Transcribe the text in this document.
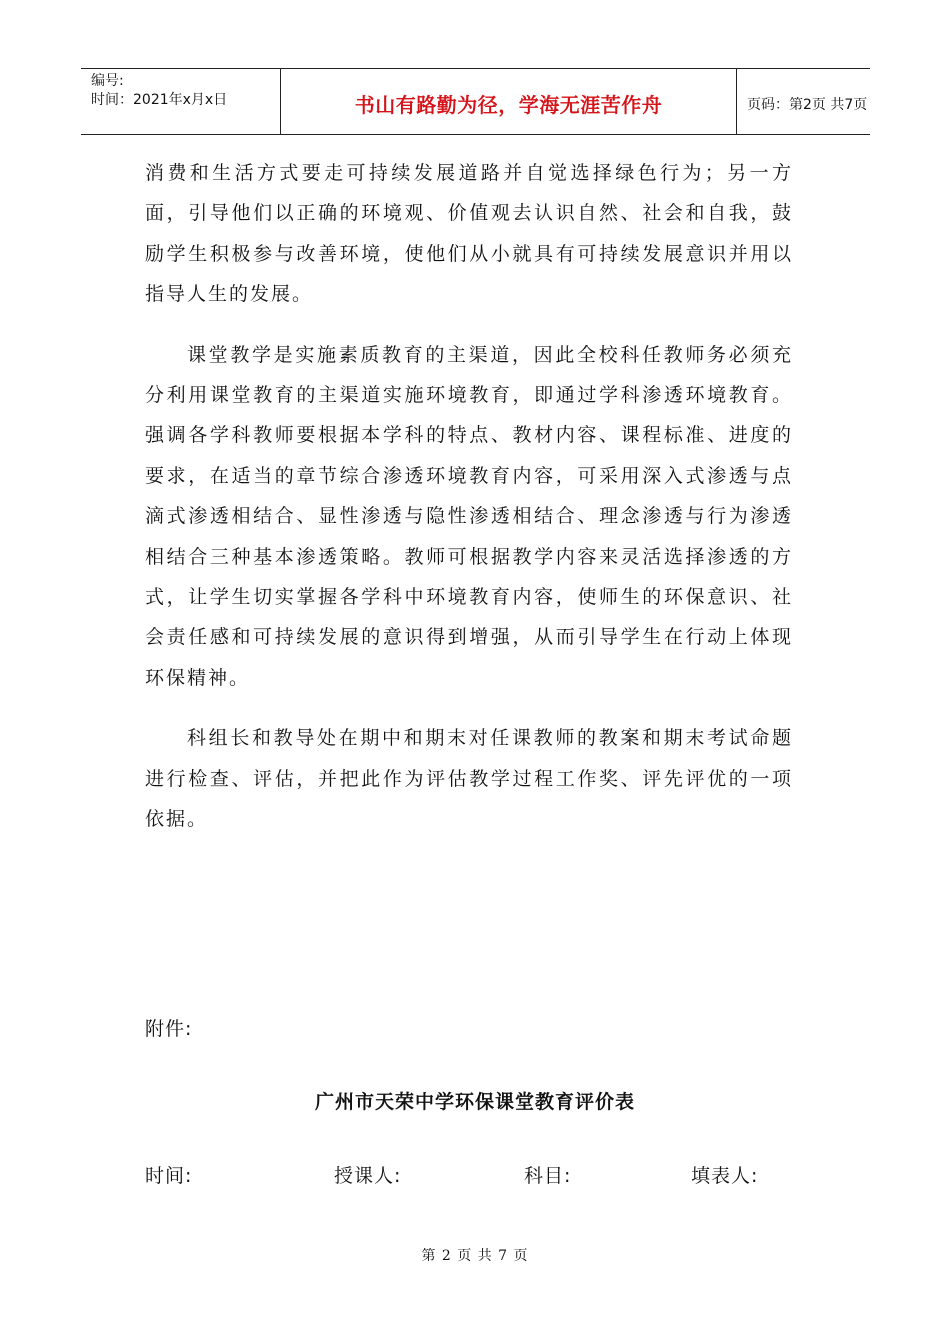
编号:
时间：2021年x月x日	书山有路勤为径，学海无涯苦作舟	页码：第2页 共7页

消费和生活方式要走可持续发展道路并自觉选择绿色行为；另一方面，引导他们以正确的环境观、价值观去认识自然、社会和自我，鼓励学生积极参与改善环境，使他们从小就具有可持续发展意识并用以指导人生的发展。

课堂教学是实施素质教育的主渠道，因此全校科任教师务必须充分利用课堂教育的主渠道实施环境教育，即通过学科渗透环境教育。强调各学科教师要根据本学科的特点、教材内容、课程标准、进度的要求，在适当的章节综合渗透环境教育内容，可采用深入式渗透与点滴式渗透相结合、显性渗透与隐性渗透相结合、理念渗透与行为渗透相结合三种基本渗透策略。教师可根据教学内容来灵活选择渗透的方式，让学生切实掌握各学科中环境教育内容，使师生的环保意识、社会责任感和可持续发展的意识得到增强，从而引导学生在行动上体现环保精神。

科组长和教导处在期中和期末对任课教师的教案和期末考试命题进行检查、评估，并把此作为评估教学过程工作奖、评先评优的一项依据。

附件:
广州市天荣中学环保课堂教育评价表
时间:	授课人:	科目:	填表人:
第 2 页 共 7 页
